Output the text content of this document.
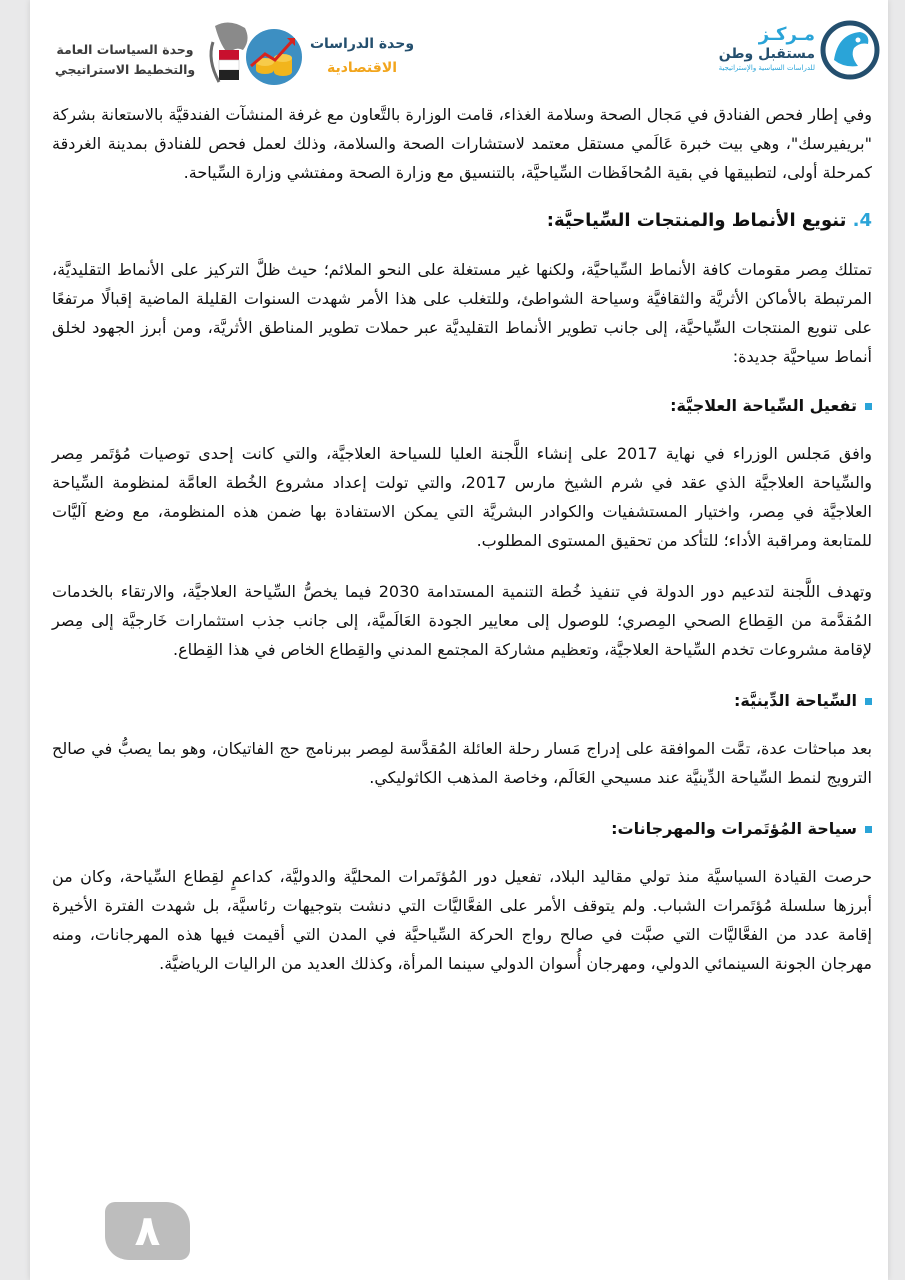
وحدة السياسات العامة
والتخطيط الاستراتيجي
وحدة الدراسات
الاقتصادية
مـركـز
مستقبل وطن
للدراسات السياسية والإستراتيجية

وفي إطار فحص الفنادق في مَجال الصحة وسلامة الغذاء، قامت الوزارة بالتَّعاون مع غرفة المنشآت الفندقيَّة بالاستعانة بشركة "بريفيرسك"، وهي بيت خبرة عَالَمي مستقل معتمد لاستشارات الصحة والسلامة، وذلك لعمل فحص للفنادق بمدينة الغردقة كمرحلة أولى، لتطبيقها في بقية المُحافَظات السِّياحيَّة، بالتنسيق مع وزارة الصحة ومفتشي وزارة السِّياحة.

4. تنويع الأنماط والمنتجات السِّياحيَّة:

تمتلك مِصر مقومات كافة الأنماط السِّياحيَّة، ولكنها غير مستغلة على النحو الملائم؛ حيث ظلَّ التركيز على الأنماط التقليديَّة، المرتبطة بالأماكن الأثريَّة والثقافيَّة وسياحة الشواطئ، وللتغلب على هذا الأمر شهدت السنوات القليلة الماضية إقبالًا مرتفعًا على تنويع المنتجات السِّياحيَّة، إلى جانب تطوير الأنماط التقليديَّة عبر حملات تطوير المناطق الأثريَّة، ومن أبرز الجهود لخلق أنماط سياحيَّة جديدة:

تفعيل السِّياحة العلاجيَّة:

وافق مَجلس الوزراء في نهاية 2017 على إنشاء اللَّجنة العليا للسياحة العلاجيَّة، والتي كانت إحدى توصيات مُؤتَمر مِصر والسِّياحة العلاجيَّة الذي عقد في شرم الشيخ مارس 2017، والتي تولت إعداد مشروع الخُطة العامَّة لمنظومة السِّياحة العلاجيَّة في مِصر، واختيار المستشفيات والكوادر البشريَّة التي يمكن الاستفادة بها ضمن هذه المنظومة، مع وضع آليَّات للمتابعة ومراقبة الأداء؛ للتأكد من تحقيق المستوى المطلوب.

وتهدف اللَّجنة لتدعيم دور الدولة في تنفيذ خُطة التنمية المستدامة 2030 فيما يخصُّ السِّياحة العلاجيَّة، والارتقاء بالخدمات المُقدَّمة من القِطاع الصحي المِصري؛ للوصول إلى معايير الجودة العَالَميَّة، إلى جانب جذب استثمارات خَارجيَّة إلى مِصر لإقامة مشروعات تخدم السِّياحة العلاجيَّة، وتعظيم مشاركة المجتمع المدني والقِطاع الخاص في هذا القِطاع.

السِّياحة الدِّينيَّة:

بعد مباحثات عدة، تمَّت الموافقة على إدراج مَسار رحلة العائلة المُقدَّسة لمِصر ببرنامج حج الفاتيكان، وهو بما يصبُّ في صالح الترويج لنمط السِّياحة الدِّينيَّة عند مسيحي العَالَم، وخاصة المذهب الكاثوليكي.

سياحة المُؤتَمرات والمهرجانات:

حرصت القيادة السياسيَّة منذ تولي مقاليد البلاد، تفعيل دور المُؤتَمرات المحليَّة والدوليَّة، كداعمٍ لقِطاع السِّياحة، وكان من أبرزها سلسلة مُؤتَمرات الشباب. ولم يتوقف الأمر على الفعَّاليَّات التي دنشت بتوجيهات رئاسيَّة، بل شهدت الفترة الأخيرة إقامة عدد من الفعَّاليَّات التي صبَّت في صالح رواج الحركة السِّياحيَّة في المدن التي أقيمت فيها هذه المهرجانات، ومنه مهرجان الجونة السينمائي الدولي، ومهرجان أُسوان الدولي سينما المرأة، وكذلك العديد من الراليات الرياضيَّة.

٨
